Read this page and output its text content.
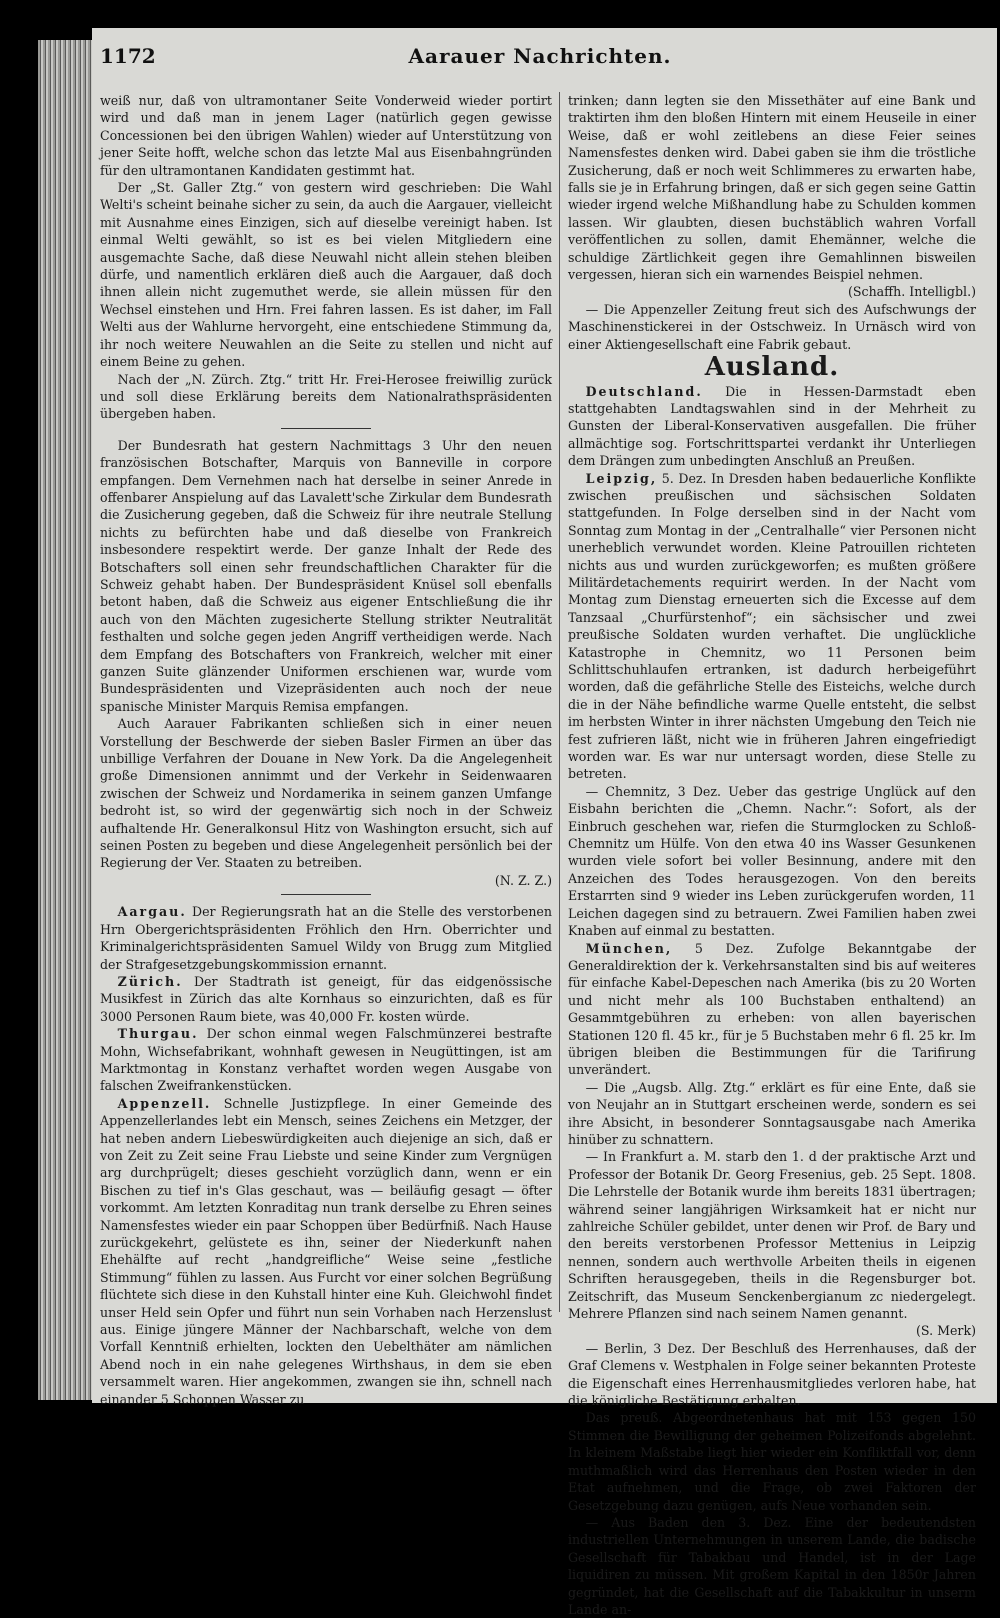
1172	Aarauer Nachrichten.

weiß nur, daß von ultramontaner Seite Vonderweid wieder portirt wird und daß man in jenem Lager (natürlich gegen gewisse Concessionen bei den übrigen Wahlen) wieder auf Unterstützung von jener Seite hofft, welche schon das letzte Mal aus Eisenbahngründen für den ultramontanen Kandidaten gestimmt hat.

Der „St. Galler Ztg.“ von gestern wird geschrieben: Die Wahl Welti's scheint beinahe sicher zu sein, da auch die Aargauer, vielleicht mit Ausnahme eines Einzigen, sich auf dieselbe vereinigt haben. Ist einmal Welti gewählt, so ist es bei vielen Mitgliedern eine ausgemachte Sache, daß diese Neuwahl nicht allein stehen bleiben dürfe, und namentlich erklären dieß auch die Aargauer, daß doch ihnen allein nicht zugemuthet werde, sie allein müssen für den Wechsel einstehen und Hrn. Frei fahren lassen. Es ist daher, im Fall Welti aus der Wahlurne hervorgeht, eine entschiedene Stimmung da, ihr noch weitere Neuwahlen an die Seite zu stellen und nicht auf einem Beine zu gehen.

Nach der „N. Zürch. Ztg.“ tritt Hr. Frei-Herosee freiwillig zurück und soll diese Erklärung bereits dem Nationalrathspräsidenten übergeben haben.

Der Bundesrath hat gestern Nachmittags 3 Uhr den neuen französischen Botschafter, Marquis von Banneville in corpore empfangen. Dem Vernehmen nach hat derselbe in seiner Anrede in offenbarer Anspielung auf das Lavalett'sche Zirkular dem Bundesrath die Zusicherung gegeben, daß die Schweiz für ihre neutrale Stellung nichts zu befürchten habe und daß dieselbe von Frankreich insbesondere respektirt werde. Der ganze Inhalt der Rede des Botschafters soll einen sehr freundschaftlichen Charakter für die Schweiz gehabt haben. Der Bundespräsident Knüsel soll ebenfalls betont haben, daß die Schweiz aus eigener Entschließung die ihr auch von den Mächten zugesicherte Stellung strikter Neutralität festhalten und solche gegen jeden Angriff vertheidigen werde. Nach dem Empfang des Botschafters von Frankreich, welcher mit einer ganzen Suite glänzender Uniformen erschienen war, wurde vom Bundespräsidenten und Vizepräsidenten auch noch der neue spanische Minister Marquis Remisa empfangen.

Auch Aarauer Fabrikanten schließen sich in einer neuen Vorstellung der Beschwerde der sieben Basler Firmen an über das unbillige Verfahren der Douane in New York. Da die Angelegenheit große Dimensionen annimmt und der Verkehr in Seidenwaaren zwischen der Schweiz und Nordamerika in seinem ganzen Umfange bedroht ist, so wird der gegenwärtig sich noch in der Schweiz aufhaltende Hr. Generalkonsul Hitz von Washington ersucht, sich auf seinen Posten zu begeben und diese Angelegenheit persönlich bei der Regierung der Ver. Staaten zu betreiben.

(N. Z. Z.)

Aargau. Der Regierungsrath hat an die Stelle des verstorbenen Hrn Obergerichtspräsidenten Fröhlich den Hrn. Oberrichter und Kriminalgerichtspräsidenten Samuel Wildy von Brugg zum Mitglied der Strafgesetzgebungskommission ernannt.

Zürich. Der Stadtrath ist geneigt, für das eidgenössische Musikfest in Zürich das alte Kornhaus so einzurichten, daß es für 3000 Personen Raum biete, was 40,000 Fr. kosten würde.

Thurgau. Der schon einmal wegen Falschmünzerei bestrafte Mohn, Wichsefabrikant, wohnhaft gewesen in Neugüttingen, ist am Marktmontag in Konstanz verhaftet worden wegen Ausgabe von falschen Zweifrankenstücken.

Appenzell. Schnelle Justizpflege. In einer Gemeinde des Appenzellerlandes lebt ein Mensch, seines Zeichens ein Metzger, der hat neben andern Liebeswürdigkeiten auch diejenige an sich, daß er von Zeit zu Zeit seine Frau Liebste und seine Kinder zum Vergnügen arg durchprügelt; dieses geschieht vorzüglich dann, wenn er ein Bischen zu tief in's Glas geschaut, was — beiläufig gesagt — öfter vorkommt. Am letzten Konraditag nun trank derselbe zu Ehren seines Namensfestes wieder ein paar Schoppen über Bedürfniß. Nach Hause zurückgekehrt, gelüstete es ihn, seiner der Niederkunft nahen Ehehälfte auf recht „handgreifliche“ Weise seine „festliche Stimmung“ fühlen zu lassen. Aus Furcht vor einer solchen Begrüßung flüchtete sich diese in den Kuhstall hinter eine Kuh. Gleichwohl findet unser Held sein Opfer und führt nun sein Vorhaben nach Herzenslust aus. Einige jüngere Männer der Nachbarschaft, welche von dem Vorfall Kenntniß erhielten, lockten den Uebelthäter am nämlichen Abend noch in ein nahe gelegenes Wirthshaus, in dem sie eben versammelt waren. Hier angekommen, zwangen sie ihn, schnell nach einander 5 Schoppen Wasser zu

trinken; dann legten sie den Missethäter auf eine Bank und traktirten ihm den bloßen Hintern mit einem Heuseile in einer Weise, daß er wohl zeitlebens an diese Feier seines Namensfestes denken wird. Dabei gaben sie ihm die tröstliche Zusicherung, daß er noch weit Schlimmeres zu erwarten habe, falls sie je in Erfahrung bringen, daß er sich gegen seine Gattin wieder irgend welche Mißhandlung habe zu Schulden kommen lassen. Wir glaubten, diesen buchstäblich wahren Vorfall veröffentlichen zu sollen, damit Ehemänner, welche die schuldige Zärtlichkeit gegen ihre Gemahlinnen bisweilen vergessen, hieran sich ein warnendes Beispiel nehmen.

(Schaffh. Intelligbl.)

— Die Appenzeller Zeitung freut sich des Aufschwungs der Maschinenstickerei in der Ostschweiz. In Urnäsch wird von einer Aktiengesellschaft eine Fabrik gebaut.

Ausland.

Deutschland. Die in Hessen-Darmstadt eben stattgehabten Landtagswahlen sind in der Mehrheit zu Gunsten der Liberal-Konservativen ausgefallen. Die früher allmächtige sog. Fortschrittspartei verdankt ihr Unterliegen dem Drängen zum unbedingten Anschluß an Preußen.

Leipzig, 5. Dez. In Dresden haben bedauerliche Konflikte zwischen preußischen und sächsischen Soldaten stattgefunden. In Folge derselben sind in der Nacht vom Sonntag zum Montag in der „Centralhalle“ vier Personen nicht unerheblich verwundet worden. Kleine Patrouillen richteten nichts aus und wurden zurückgeworfen; es mußten größere Militärdetachements requirirt werden. In der Nacht vom Montag zum Dienstag erneuerten sich die Excesse auf dem Tanzsaal „Churfürstenhof“; ein sächsischer und zwei preußische Soldaten wurden verhaftet. Die unglückliche Katastrophe in Chemnitz, wo 11 Personen beim Schlittschuhlaufen ertranken, ist dadurch herbeigeführt worden, daß die gefährliche Stelle des Eisteichs, welche durch die in der Nähe befindliche warme Quelle entsteht, die selbst im herbsten Winter in ihrer nächsten Umgebung den Teich nie fest zufrieren läßt, nicht wie in früheren Jahren eingefriedigt worden war. Es war nur untersagt worden, diese Stelle zu betreten.

— Chemnitz, 3 Dez. Ueber das gestrige Unglück auf den Eisbahn berichten die „Chemn. Nachr.“: Sofort, als der Einbruch geschehen war, riefen die Sturmglocken zu Schloß-Chemnitz um Hülfe. Von den etwa 40 ins Wasser Gesunkenen wurden viele sofort bei voller Besinnung, andere mit den Anzeichen des Todes herausgezogen. Von den bereits Erstarrten sind 9 wieder ins Leben zurückgerufen worden, 11 Leichen dagegen sind zu betrauern. Zwei Familien haben zwei Knaben auf einmal zu bestatten.

München, 5 Dez. Zufolge Bekanntgabe der Generaldirektion der k. Verkehrsanstalten sind bis auf weiteres für einfache Kabel-Depeschen nach Amerika (bis zu 20 Worten und nicht mehr als 100 Buchstaben enthaltend) an Gesammtgebühren zu erheben: von allen bayerischen Stationen 120 fl. 45 kr., für je 5 Buchstaben mehr 6 fl. 25 kr. Im übrigen bleiben die Bestimmungen für die Tarifirung unverändert.

— Die „Augsb. Allg. Ztg.“ erklärt es für eine Ente, daß sie von Neujahr an in Stuttgart erscheinen werde, sondern es sei ihre Absicht, in besonderer Sonntagsausgabe nach Amerika hinüber zu schnattern.

— In Frankfurt a. M. starb den 1. d der praktische Arzt und Professor der Botanik Dr. Georg Fresenius, geb. 25 Sept. 1808. Die Lehrstelle der Botanik wurde ihm bereits 1831 übertragen; während seiner langjährigen Wirksamkeit hat er nicht nur zahlreiche Schüler gebildet, unter denen wir Prof. de Bary und den bereits verstorbenen Professor Mettenius in Leipzig nennen, sondern auch werthvolle Arbeiten theils in eigenen Schriften herausgegeben, theils in die Regensburger bot. Zeitschrift, das Museum Senckenbergianum zc niedergelegt. Mehrere Pflanzen sind nach seinem Namen genannt.

(S. Merk)

— Berlin, 3 Dez. Der Beschluß des Herrenhauses, daß der Graf Clemens v. Westphalen in Folge seiner bekannten Proteste die Eigenschaft eines Herrenhausmitgliedes verloren habe, hat die königliche Bestätigung erhalten.

Das preuß. Abgeordnetenhaus hat mit 153 gegen 150 Stimmen die Bewilligung der geheimen Polizeifonds abgelehnt. In kleinem Maßstabe liegt hier wieder ein Konfliktfall vor, denn muthmaßlich wird das Herrenhaus den Posten wieder in den Etat aufnehmen, und die Frage, ob zwei Faktoren der Gesetzgebung dazu genügen, aufs Neue vorhanden sein.

— Aus Baden den 3. Dez. Eine der bedeutendsten industriellen Unternehmungen in unserem Lande, die badische Gesellschaft für Tabakbau und Handel, ist in der Lage liquidiren zu müssen. Mit großem Kapital in den 1850r Jahren gegründet, hat die Gesellschaft auf die Tabakkultur in unserm Lande an-
